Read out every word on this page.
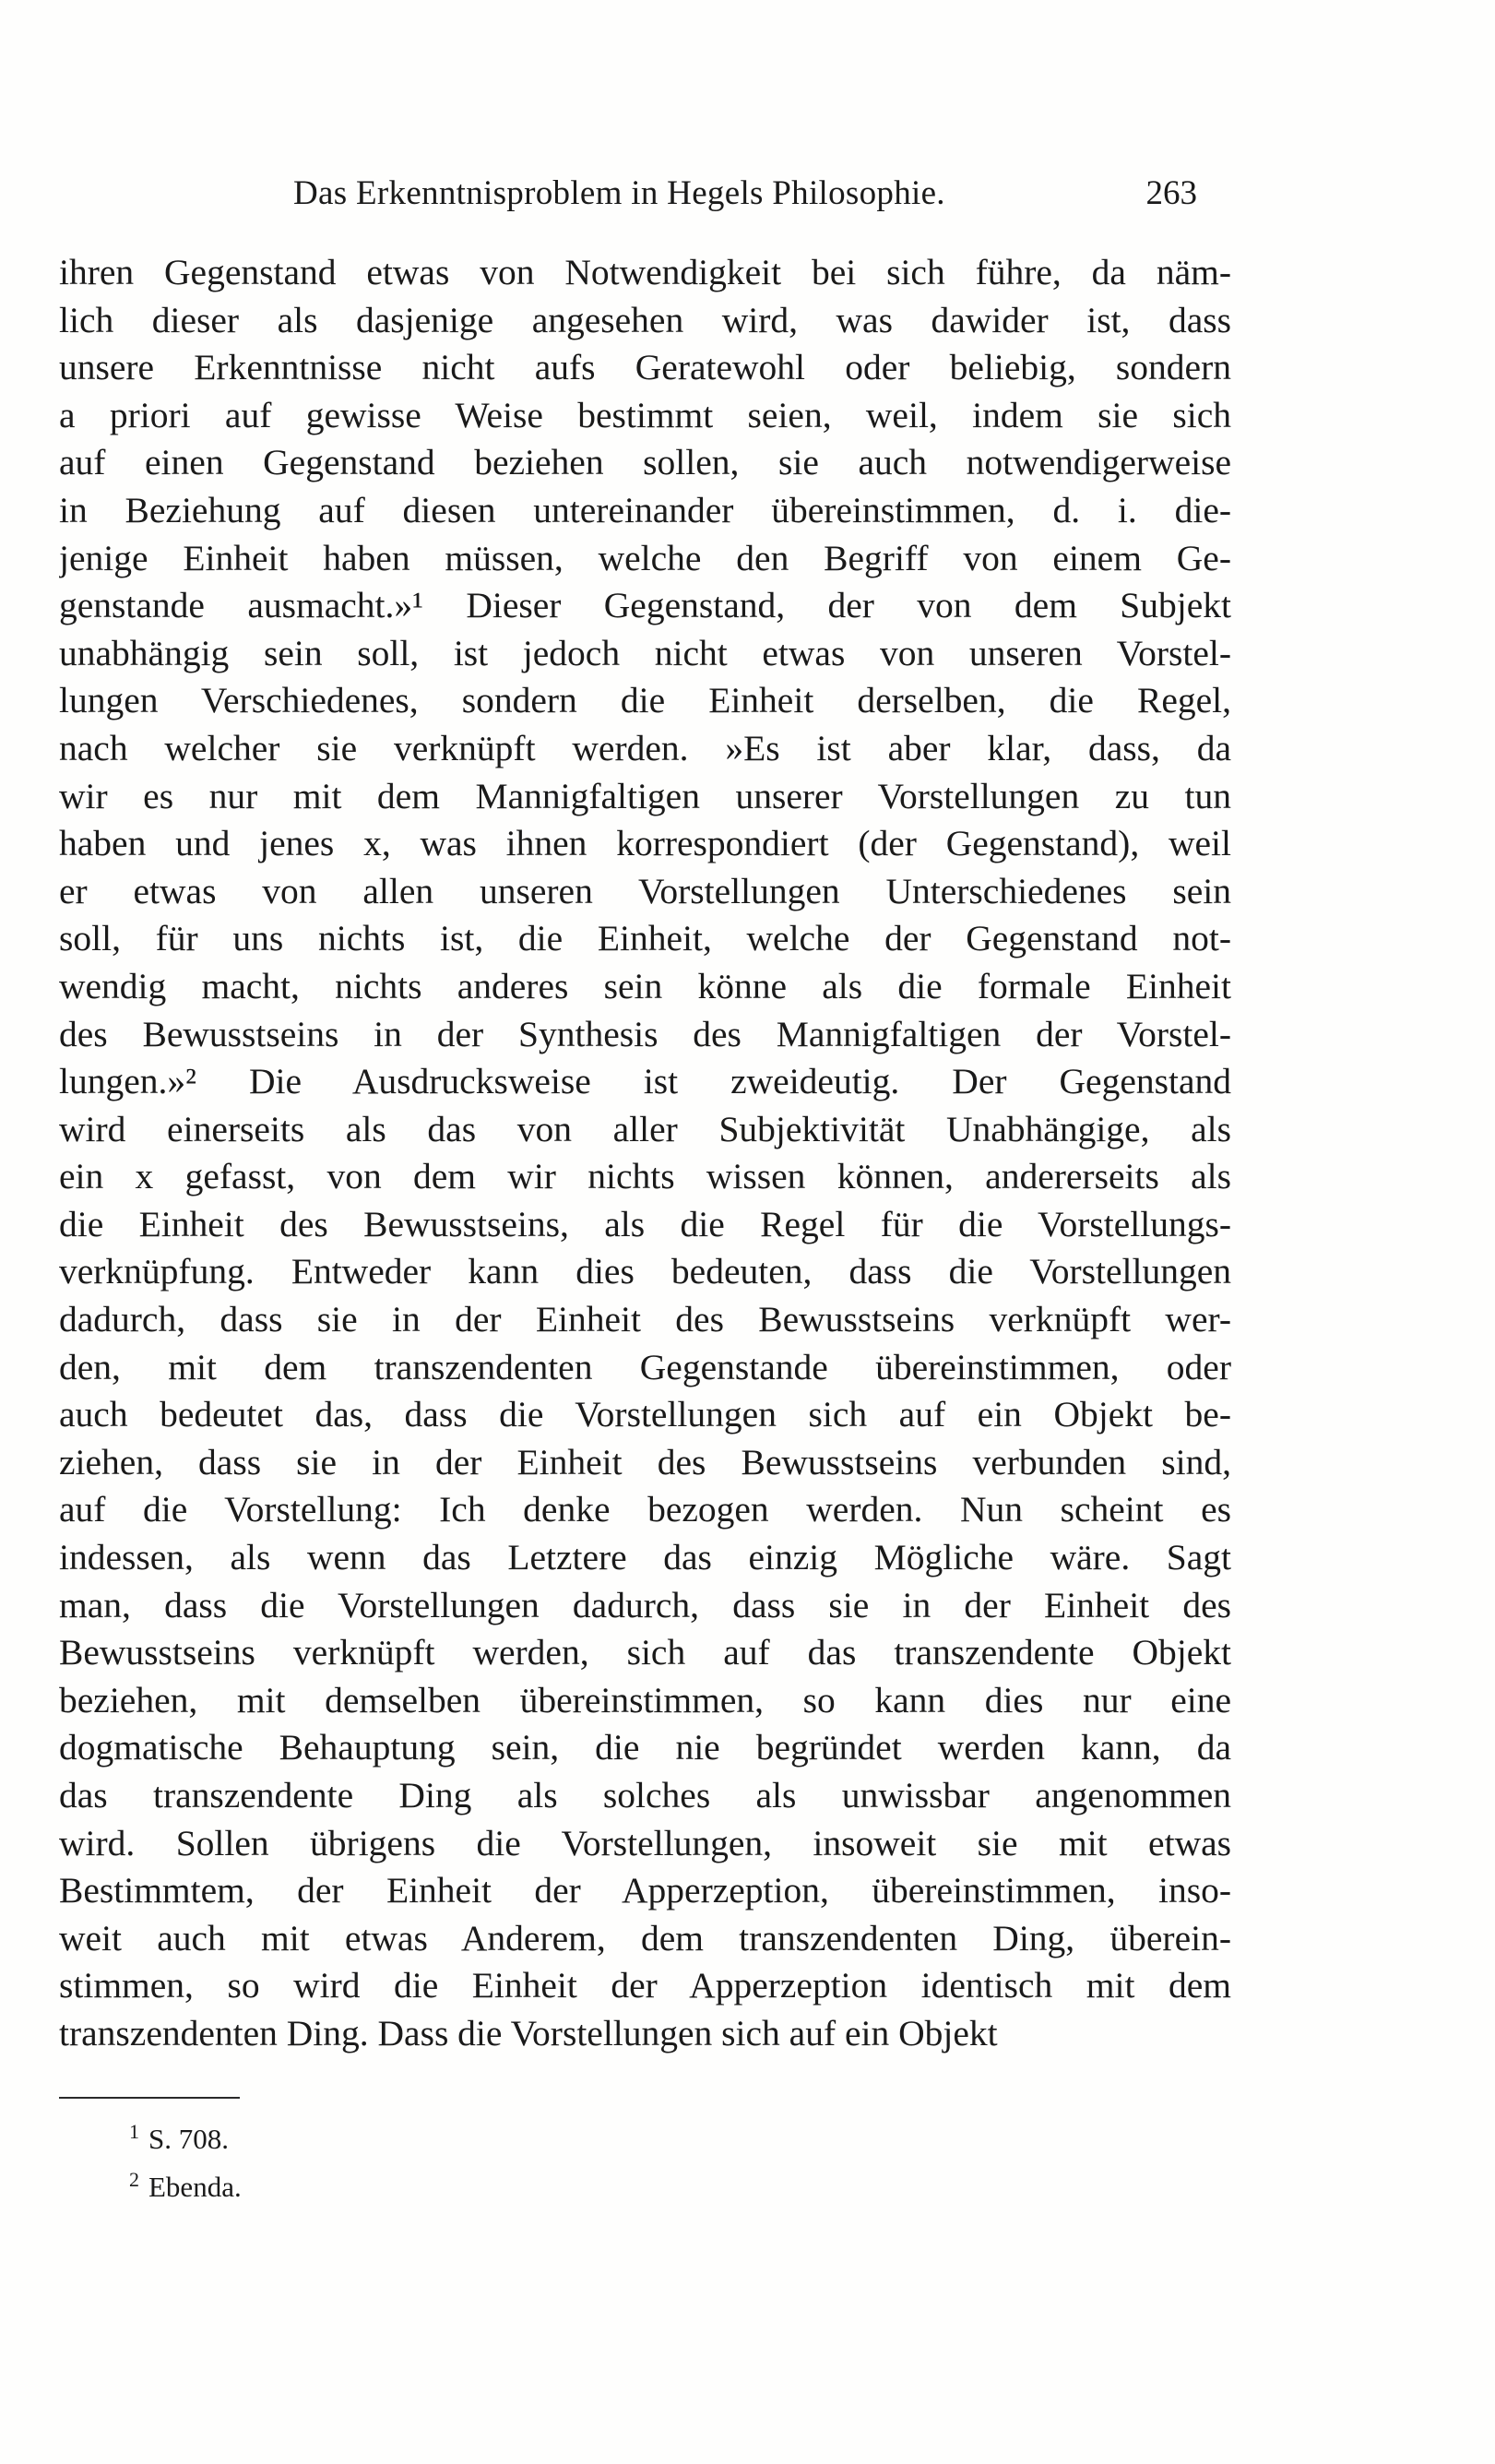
Das Erkenntnisproblem in Hegels Philosophie.	263
ihren Gegenstand etwas von Notwendigkeit bei sich führe, da näm-
lich dieser als dasjenige angesehen wird, was dawider ist, dass
unsere Erkenntnisse nicht aufs Geratewohl oder beliebig, sondern
a priori auf gewisse Weise bestimmt seien, weil, indem sie sich
auf einen Gegenstand beziehen sollen, sie auch notwendigerweise
in Beziehung auf diesen untereinander übereinstimmen, d. i. die-
jenige Einheit haben müssen, welche den Begriff von einem Ge-
genstande ausmacht.»¹ Dieser Gegenstand, der von dem Subjekt
unabhängig sein soll, ist jedoch nicht etwas von unseren Vorstel-
lungen Verschiedenes, sondern die Einheit derselben, die Regel,
nach welcher sie verknüpft werden. »Es ist aber klar, dass, da
wir es nur mit dem Mannigfaltigen unserer Vorstellungen zu tun
haben und jenes x, was ihnen korrespondiert (der Gegenstand), weil
er etwas von allen unseren Vorstellungen Unterschiedenes sein
soll, für uns nichts ist, die Einheit, welche der Gegenstand not-
wendig macht, nichts anderes sein könne als die formale Einheit
des Bewusstseins in der Synthesis des Mannigfaltigen der Vorstel-
lungen.»² Die Ausdrucksweise ist zweideutig. Der Gegenstand
wird einerseits als das von aller Subjektivität Unabhängige, als
ein x gefasst, von dem wir nichts wissen können, andererseits als
die Einheit des Bewusstseins, als die Regel für die Vorstellungs-
verknüpfung. Entweder kann dies bedeuten, dass die Vorstellungen
dadurch, dass sie in der Einheit des Bewusstseins verknüpft wer-
den, mit dem transzendenten Gegenstande übereinstimmen, oder
auch bedeutet das, dass die Vorstellungen sich auf ein Objekt be-
ziehen, dass sie in der Einheit des Bewusstseins verbunden sind,
auf die Vorstellung: Ich denke bezogen werden. Nun scheint es
indessen, als wenn das Letztere das einzig Mögliche wäre. Sagt
man, dass die Vorstellungen dadurch, dass sie in der Einheit des
Bewusstseins verknüpft werden, sich auf das transzendente Objekt
beziehen, mit demselben übereinstimmen, so kann dies nur eine
dogmatische Behauptung sein, die nie begründet werden kann, da
das transzendente Ding als solches als unwissbar angenommen
wird. Sollen übrigens die Vorstellungen, insoweit sie mit etwas
Bestimmtem, der Einheit der Apperzeption, übereinstimmen, inso-
weit auch mit etwas Anderem, dem transzendenten Ding, überein-
stimmen, so wird die Einheit der Apperzeption identisch mit dem
transzendenten Ding. Dass die Vorstellungen sich auf ein Objekt
$^1$ S. 708.
$^2$ Ebenda.
